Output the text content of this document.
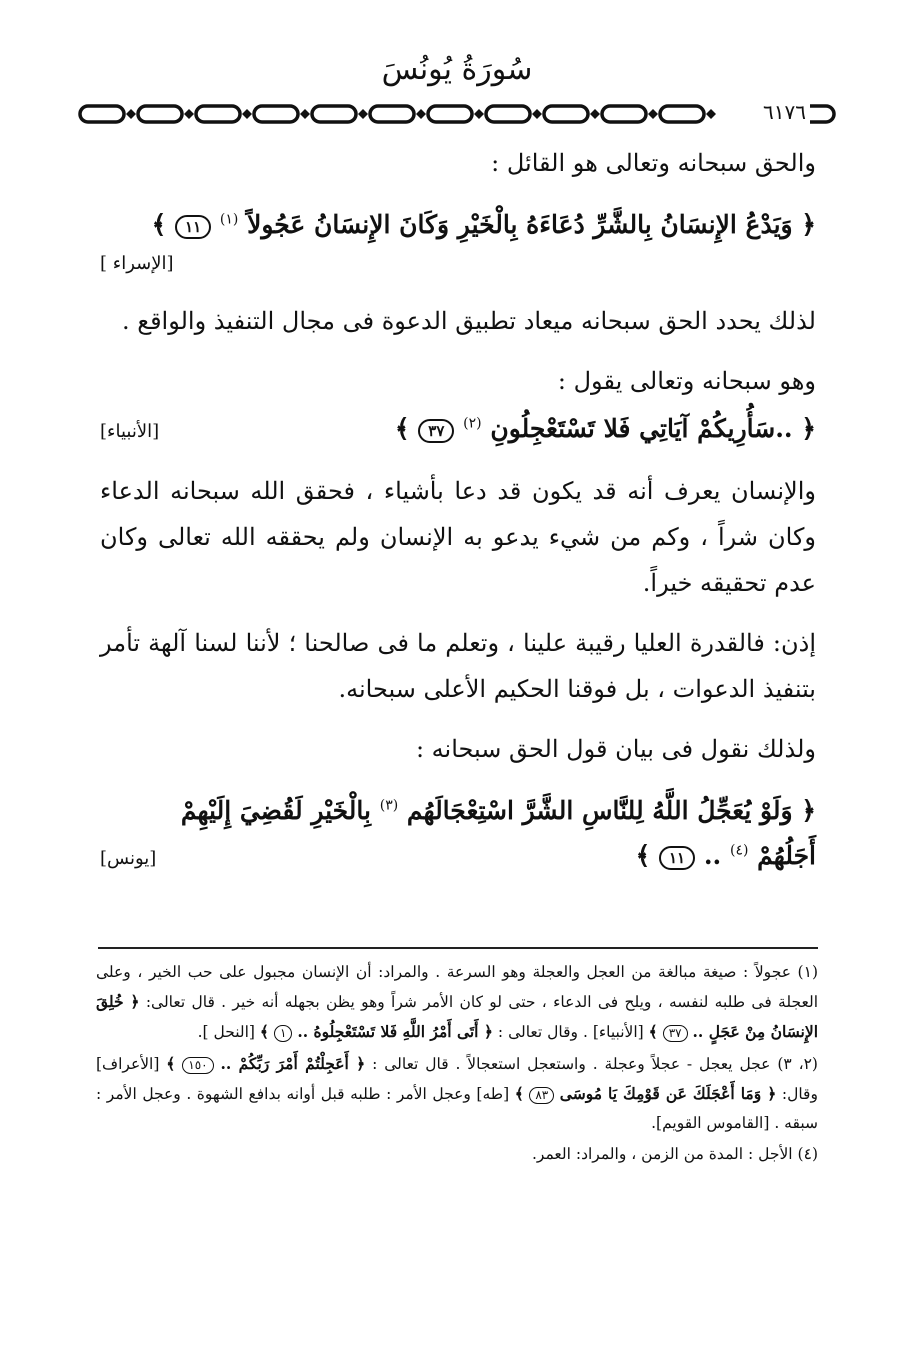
سُورَةُ يُونُسَ
٦١٧٦

والحق سبحانه وتعالى هو القائل :

﴿ وَيَدْعُ الإِنسَانُ بِالشَّرِّ دُعَاءَهُ بِالْخَيْرِ وَكَانَ الإِنسَانُ عَجُولاً $^{(١)}$ ١١ ﴾

[الإسراء ]

لذلك يحدد الحق سبحانه ميعاد تطبيق الدعوة فى مجال التنفيذ والواقع .

وهو سبحانه وتعالى يقول :

﴿ ..سَأُرِيكُمْ آيَاتِي فَلا تَسْتَعْجِلُونِ $^{(٢)}$ ٣٧ ﴾
[الأنبياء]

والإنسان يعرف أنه قد يكون قد دعا بأشياء ، فحقق الله سبحانه الدعاء وكان شراً ، وكم من شيء يدعو به الإنسان ولم يحققه الله تعالى وكان عدم تحقيقه خيراً.

إذن: فالقدرة العليا رقيبة علينا ، وتعلم ما فى صالحنا ؛ لأننا لسنا آلهة تأمر بتنفيذ الدعوات ، بل فوقنا الحكيم الأعلى سبحانه.

ولذلك نقول فى بيان قول الحق سبحانه :

﴿ وَلَوْ يُعَجِّلُ اللَّهُ لِلنَّاسِ الشَّرَّ اسْتِعْجَالَهُم $^{(٣)}$ بِالْخَيْرِ لَقُضِيَ إِلَيْهِمْ

أَجَلُهُمْ $^{(٤)}$ .. ١١ ﴾
[يونس]

(١) عجولاً : صيغة مبالغة من العجل والعجلة وهو السرعة . والمراد: أن الإنسان مجبول على حب الخير ، وعلى العجلة فى طلبه لنفسه ، ويلح فى الدعاء ، حتى لو كان الأمر شراً وهو يظن بجهله أنه خير . قال تعالى: ﴿ خُلِقَ الإِنسَانُ مِنْ عَجَلٍ .. ٣٧ ﴾ [الأنبياء] . وقال تعالى : ﴿ أَتَى أَمْرُ اللَّهِ فَلا تَسْتَعْجِلُوهُ .. ١ ﴾ [النحل ].

(٢، ٣) عجل يعجل - عجلاً وعجلة . واستعجل استعجالاً . قال تعالى : ﴿ أَعَجِلْتُمْ أَمْرَ رَبِّكُمْ .. ١٥٠ ﴾ [الأعراف] وقال: ﴿ وَمَا أَعْجَلَكَ عَن قَوْمِكَ يَا مُوسَى ٨٣ ﴾ [طه] وعجل الأمر : طلبه قبل أوانه بدافع الشهوة . وعجل الأمر : سبقه . [القاموس القويم].

(٤) الأجل : المدة من الزمن ، والمراد: العمر.
